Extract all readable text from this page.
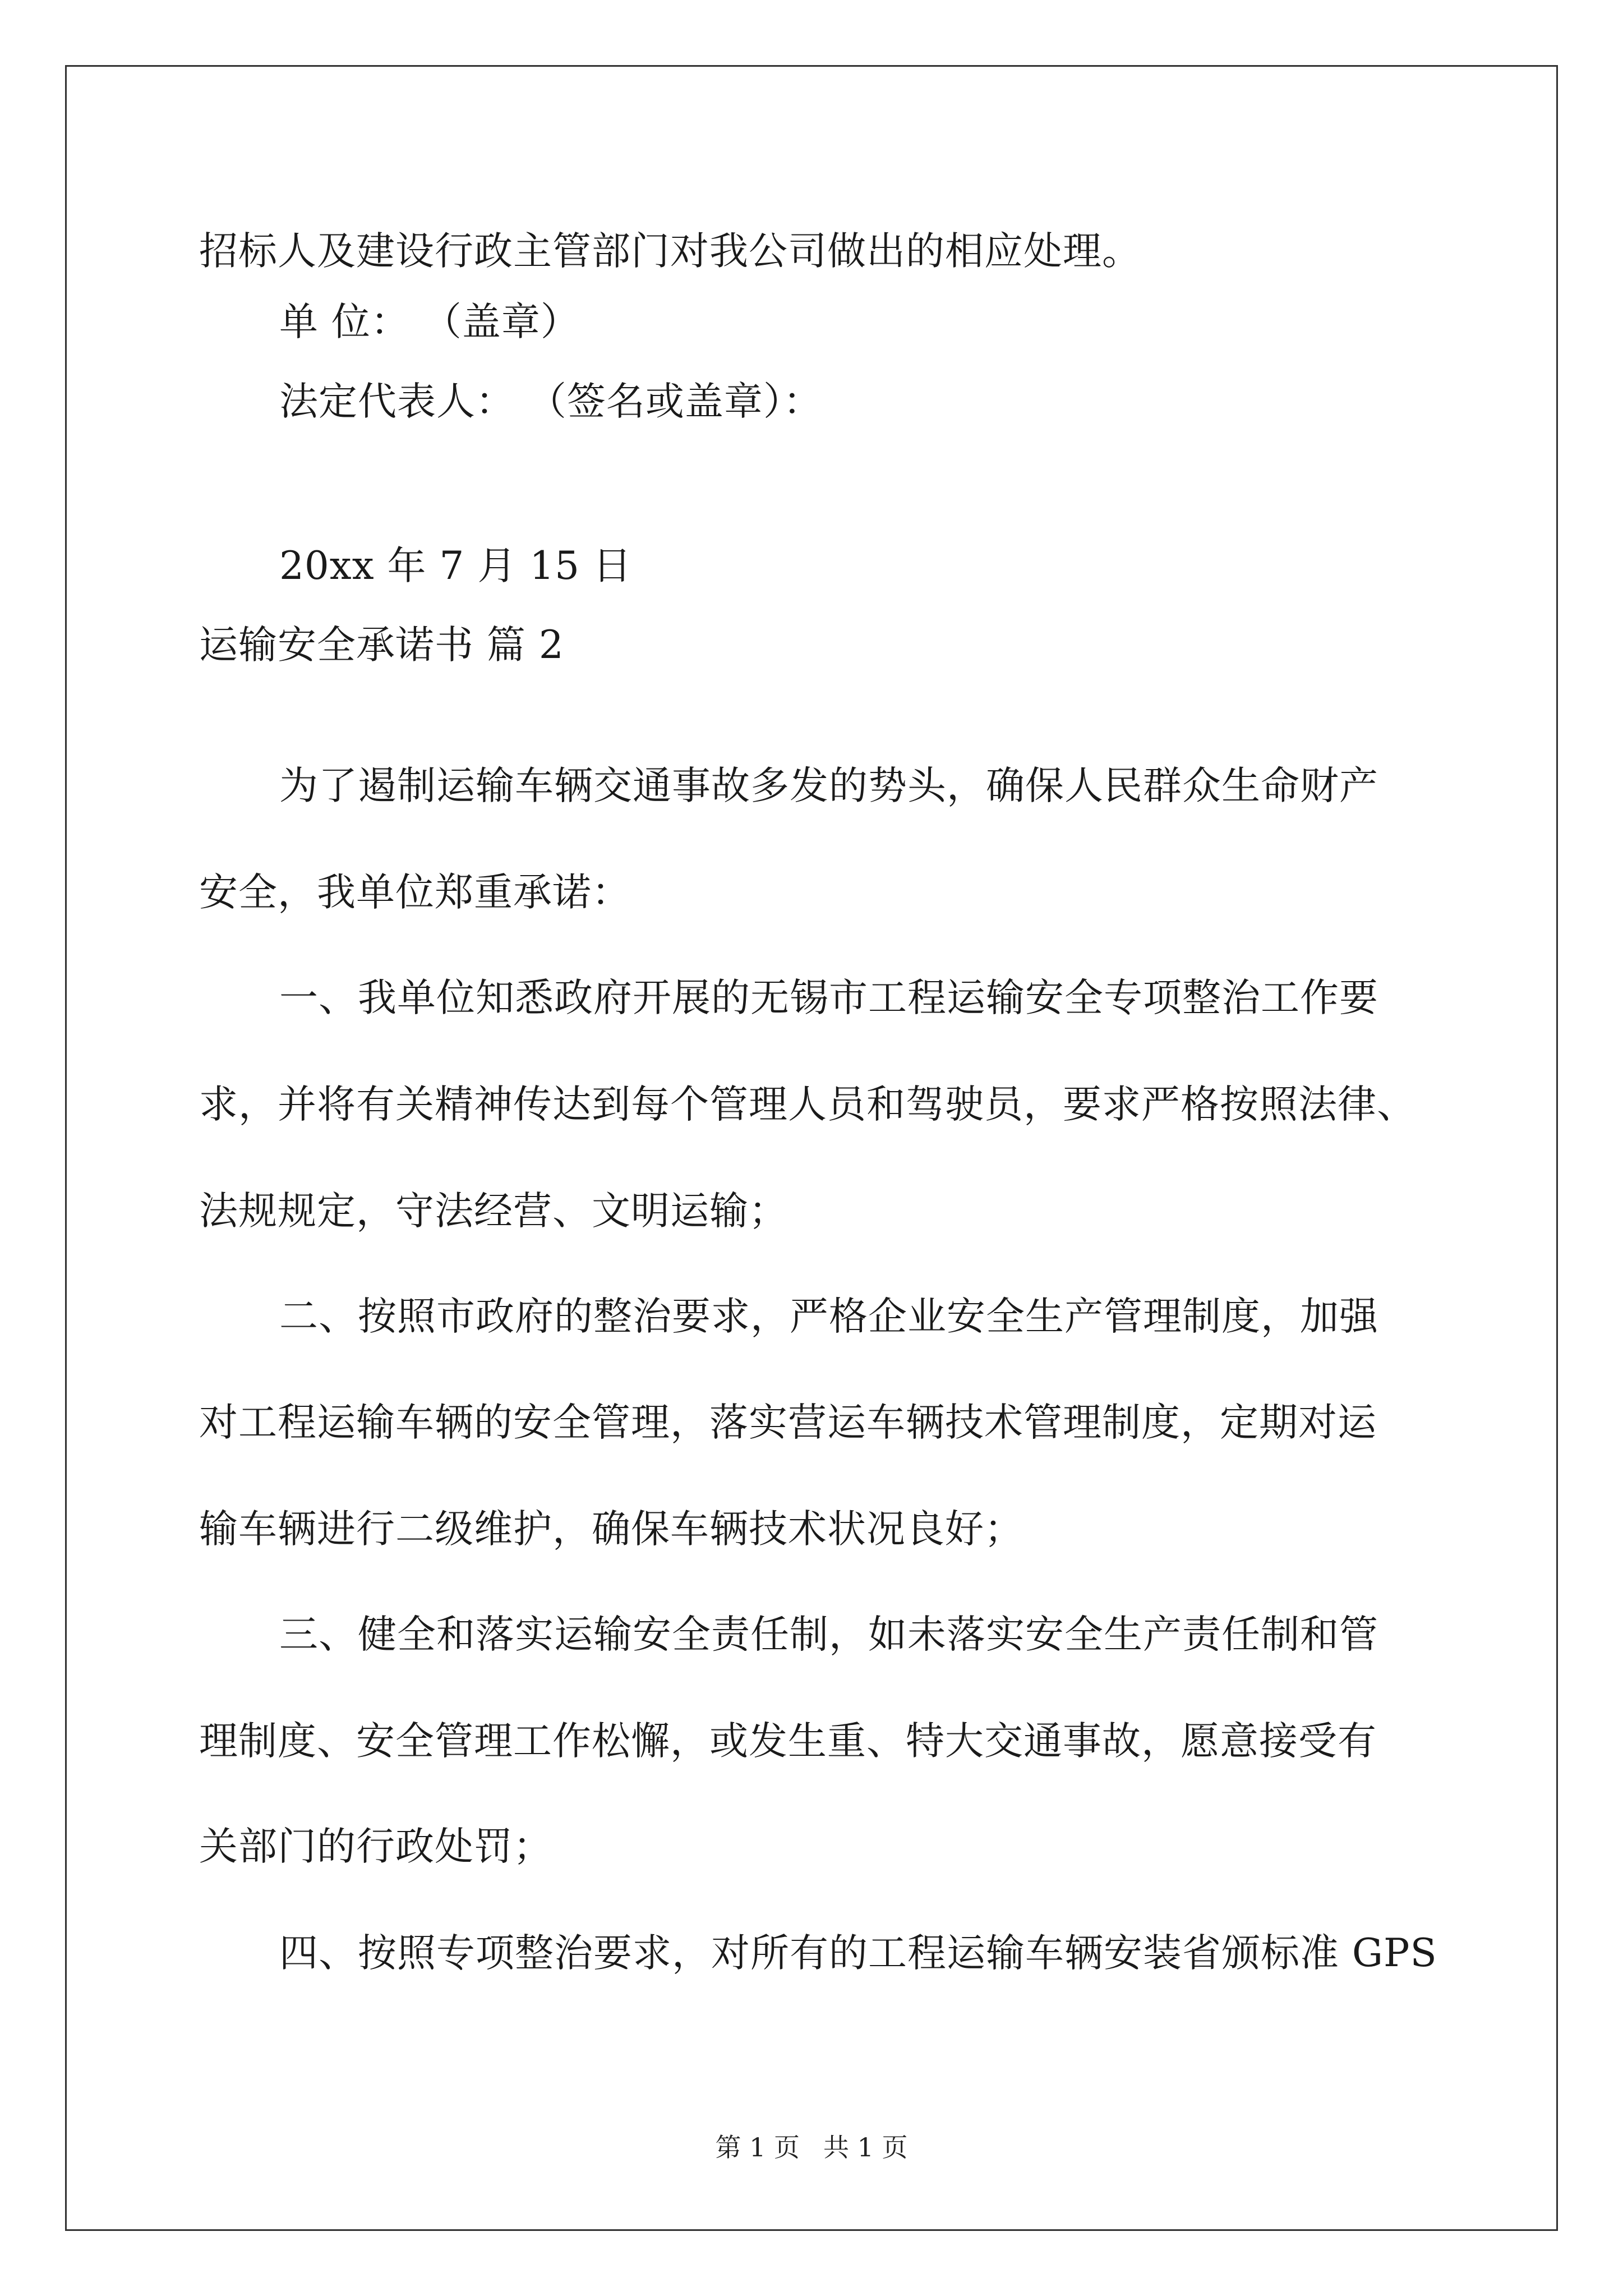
招标人及建设行政主管部门对我公司做出的相应处理。
单 位： （盖章）
法定代表人： （签名或盖章）：
20xx 年 7 月 15 日
运输安全承诺书 篇 2
为了遏制运输车辆交通事故多发的势头，确保人民群众生命财产
安全，我单位郑重承诺：
一、我单位知悉政府开展的无锡市工程运输安全专项整治工作要
求，并将有关精神传达到每个管理人员和驾驶员，要求严格按照法律、
法规规定，守法经营、文明运输；
二、按照市政府的整治要求，严格企业安全生产管理制度，加强
对工程运输车辆的安全管理，落实营运车辆技术管理制度，定期对运
输车辆进行二级维护，确保车辆技术状况良好；
三、健全和落实运输安全责任制，如未落实安全生产责任制和管
理制度、安全管理工作松懈，或发生重、特大交通事故，愿意接受有
关部门的行政处罚；
四、按照专项整治要求，对所有的工程运输车辆安装省颁标准 GPS
第 1 页 共 1 页
